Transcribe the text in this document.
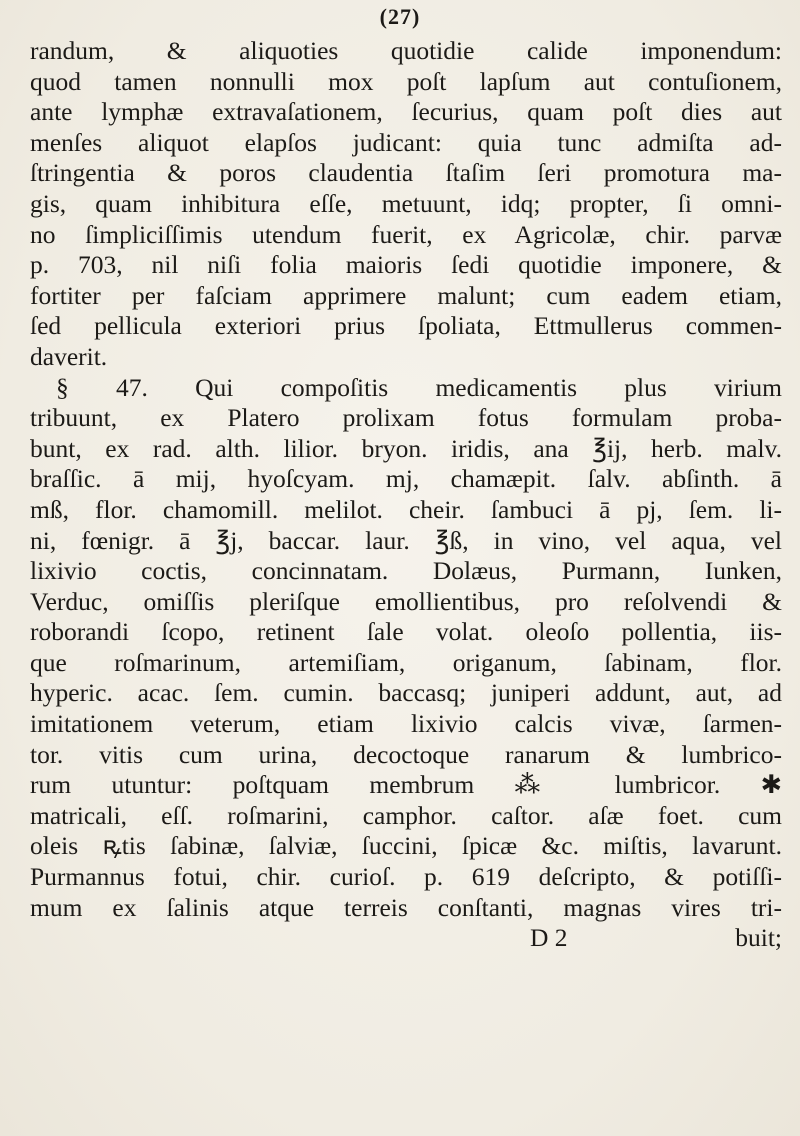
(27)
randum, & aliquoties quotidie calide imponendum:
quod tamen nonnulli mox poſt lapſum aut contuſionem,
ante lymphæ extravaſationem, ſecurius, quam poſt dies aut
menſes aliquot elapſos judicant: quia tunc admiſta ad-
ſtringentia & poros claudentia ſtaſim ſeri promotura ma-
gis, quam inhibitura eſſe, metuunt, idq; propter, ſi omni-
no ſimpliciſſimis utendum fuerit, ex Agricolæ, chir. parvæ
p. 703, nil niſi folia maioris ſedi quotidie imponere, &
fortiter per faſciam apprimere malunt; cum eadem etiam,
ſed pellicula exteriori prius ſpoliata, Ettmullerus commen-
daverit.
§ 47. Qui compoſitis medicamentis plus virium
tribuunt, ex Platero prolixam fotus formulam proba-
bunt, ex rad. alth. lilior. bryon. iridis, ana ℥ij, herb. malv.
braſſic. ā mij, hyoſcyam. mj, chamæpit. ſalv. abſinth. ā
mß, flor. chamomill. melilot. cheir. ſambuci ā pj, ſem. li-
ni, fœnigr. ā ℥j, baccar. laur. ℥ß, in vino, vel aqua, vel
lixivio coctis, concinnatam. Dolæus, Purmann, Iunken,
Verduc, omiſſis pleriſque emollientibus, pro reſolvendi &
roborandi ſcopo, retinent ſale volat. oleoſo pollentia, iis-
que roſmarinum, artemiſiam, origanum, ſabinam, flor.
hyperic. acac. ſem. cumin. baccasq; juniperi addunt, aut, ad
imitationem veterum, etiam lixivio calcis vivæ, ſarmen-
tor. vitis cum urina, decoctoque ranarum & lumbrico-
rum utuntur: poſtquam membrum ⁂ lumbricor. ✱
matricali, eſſ. roſmarini, camphor. caſtor. aſæ foet. cum
oleis ꝶtis ſabinæ, ſalviæ, ſuccini, ſpicæ &c. miſtis, lavarunt.
Purmannus fotui, chir. curioſ. p. 619 deſcripto, & potiſſi-
mum ex ſalinis atque terreis conſtanti, magnas vires tri-
D 2	buit;
